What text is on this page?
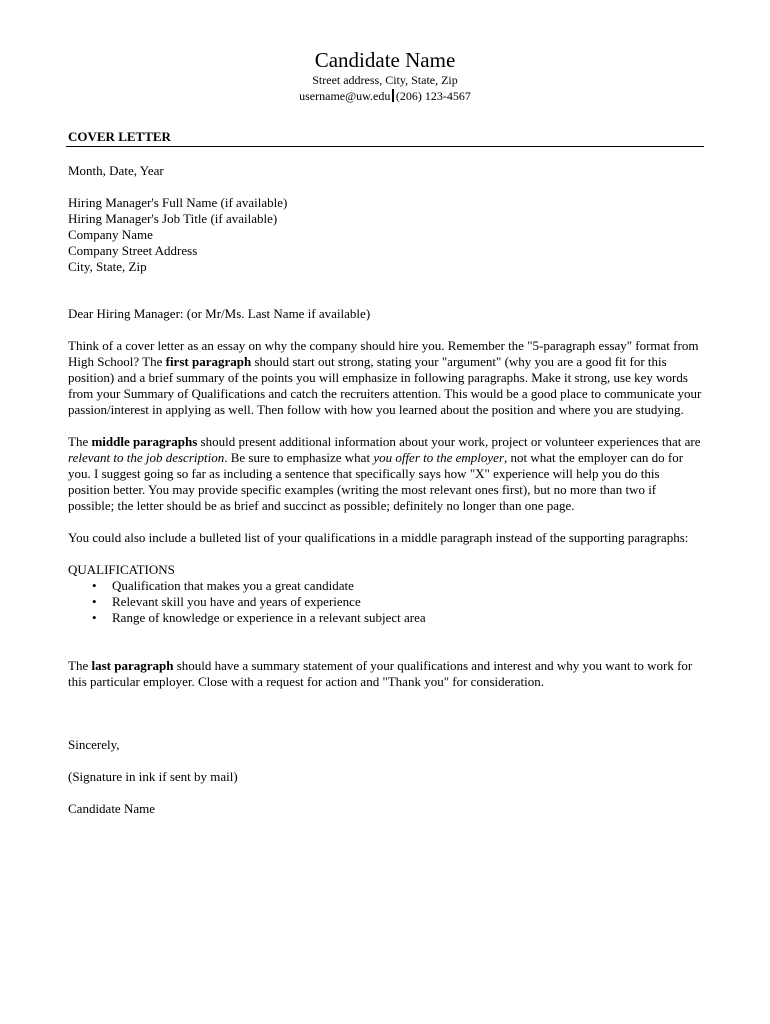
Candidate Name
Street address, City, State, Zip
username@uw.edu (206) 123-4567
COVER LETTER

Month, Date, Year

Hiring Manager's Full Name (if available)

Hiring Manager's Job Title (if available)

Company Name

Company Street Address

City, State, Zip

Dear Hiring Manager: (or Mr/Ms. Last Name if available)

Think of a cover letter as an essay on why the company should hire you. Remember the "5-paragraph essay" format from High School? The first paragraph should start out strong, stating your "argument" (why you are a good fit for this position) and a brief summary of the points you will emphasize in following paragraphs. Make it strong, use key words from your Summary of Qualifications and catch the recruiters attention. This would be a good place to communicate your passion/interest in applying as well. Then follow with how you learned about the position and where you are studying.

The middle paragraphs should present additional information about your work, project or volunteer experiences that are relevant to the job description. Be sure to emphasize what you offer to the employer, not what the employer can do for you. I suggest going so far as including a sentence that specifically says how "X" experience will help you do this position better. You may provide specific examples (writing the most relevant ones first), but no more than two if possible; the letter should be as brief and succinct as possible; definitely no longer than one page.

You could also include a bulleted list of your qualifications in a middle paragraph instead of the supporting paragraphs:

QUALIFICATIONS

• Qualification that makes you a great candidate
• Relevant skill you have and years of experience
• Range of knowledge or experience in a relevant subject area

The last paragraph should have a summary statement of your qualifications and interest and why you want to work for this particular employer. Close with a request for action and "Thank you" for consideration.

Sincerely,

(Signature in ink if sent by mail)

Candidate Name
